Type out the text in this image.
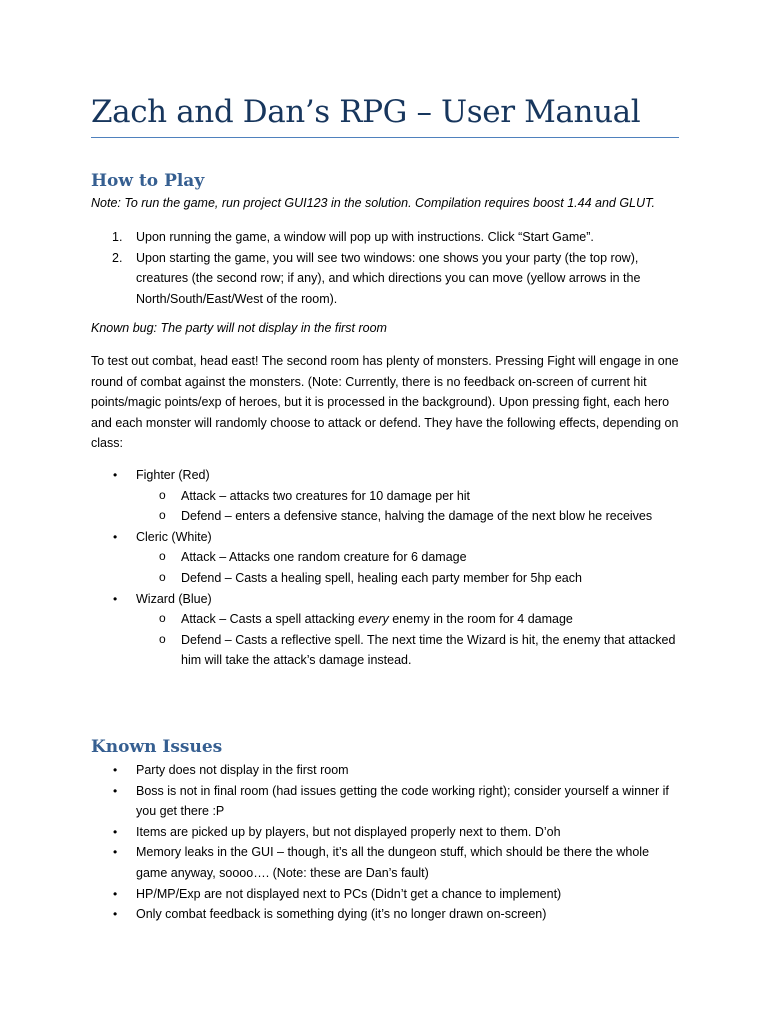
Zach and Dan’s RPG – User Manual
How to Play

Note: To run the game, run project GUI123 in the solution. Compilation requires boost 1.44 and GLUT.

1. Upon running the game, a window will pop up with instructions. Click “Start Game”.
2. Upon starting the game, you will see two windows: one shows you your party (the top row), creatures (the second row; if any), and which directions you can move (yellow arrows in the North/South/East/West of the room).

Known bug: The party will not display in the first room

To test out combat, head east! The second room has plenty of monsters. Pressing Fight will engage in one round of combat against the monsters. (Note: Currently, there is no feedback on-screen of current hit points/magic points/exp of heroes, but it is processed in the background). Upon pressing fight, each hero and each monster will randomly choose to attack or defend. They have the following effects, depending on class:

• Fighter (Red)
o Attack – attacks two creatures for 10 damage per hit
o Defend – enters a defensive stance, halving the damage of the next blow he receives
• Cleric (White)
o Attack – Attacks one random creature for 6 damage
o Defend – Casts a healing spell, healing each party member for 5hp each
• Wizard (Blue)
o Attack – Casts a spell attacking every enemy in the room for 4 damage
o Defend – Casts a reflective spell. The next time the Wizard is hit, the enemy that attacked him will take the attack’s damage instead.
Known Issues
• Party does not display in the first room
• Boss is not in final room (had issues getting the code working right); consider yourself a winner if you get there :P
• Items are picked up by players, but not displayed properly next to them. D’oh
• Memory leaks in the GUI – though, it’s all the dungeon stuff, which should be there the whole game anyway, soooo…. (Note: these are Dan’s fault)
• HP/MP/Exp are not displayed next to PCs (Didn’t get a chance to implement)
• Only combat feedback is something dying (it’s no longer drawn on-screen)
